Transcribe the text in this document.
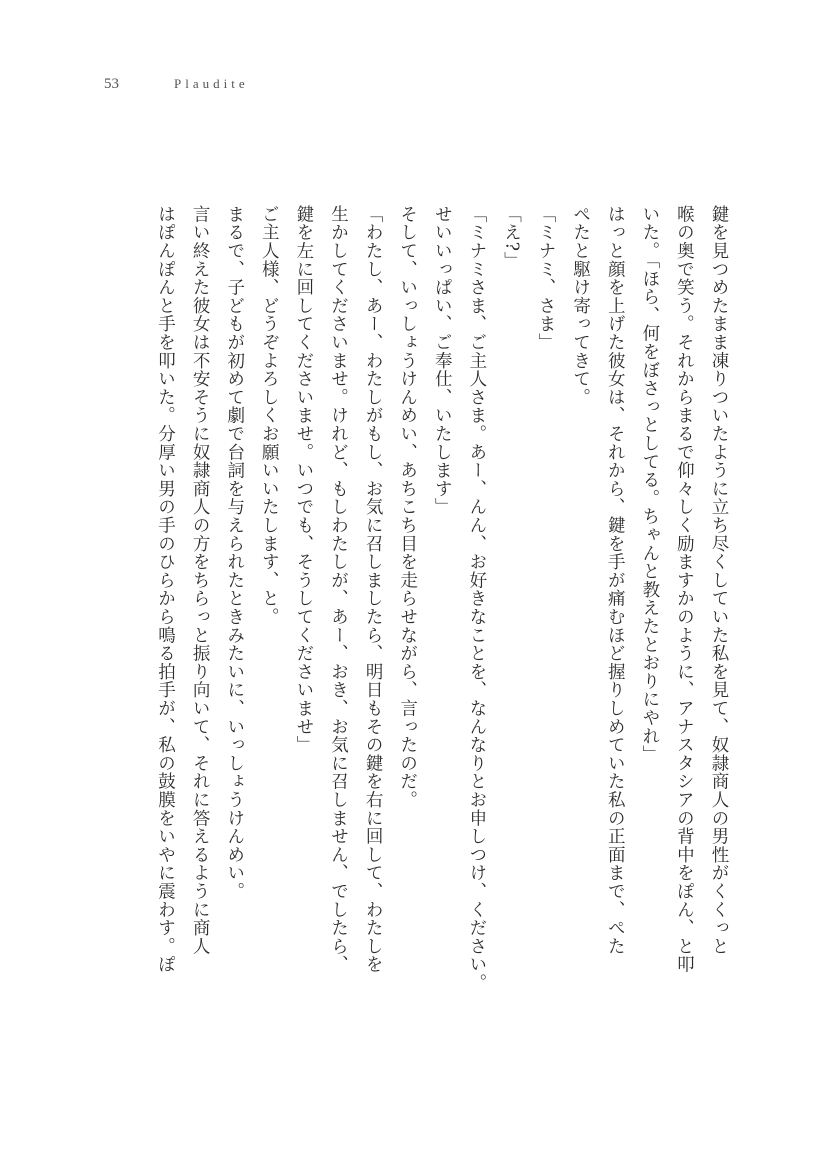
53	Plaudite

鍵を見つめたまま凍りついたように立ち尽くしていた私を見て、奴隷商人の男性がくくっと

喉の奥で笑う。それからまるで仰々しく励ますかのように、アナスタシアの背中をぽん、と叩

いた。「ほら、何をぼさっとしてる。ちゃんと教えたとおりにやれ」

はっと顔を上げた彼女は、それから、鍵を手が痛むほど握りしめていた私の正面まで、ぺた

ぺたと駆け寄ってきて。

「ミナミ、さま」

「え?」

「ミナミさま、ご主人さま。あー、んん、お好きなことを、なんなりとお申しつけ、ください。

せいいっぱい、ご奉仕、いたします」

そして、いっしょうけんめい、あちこち目を走らせながら、言ったのだ。

「わたし、あー、わたしがもし、お気に召しましたら、明日もその鍵を右に回して、わたしを

生かしてくださいませ。けれど、もしわたしが、あー、おき、お気に召しません、でしたら、

鍵を左に回してくださいませ。いつでも、そうしてくださいませ」

ご主人様、どうぞよろしくお願いいたします、と。

まるで、子どもが初めて劇で台詞を与えられたときみたいに、いっしょうけんめい。

言い終えた彼女は不安そうに奴隷商人の方をちらっと振り向いて、それに答えるように商人

はぽんぽんと手を叩いた。分厚い男の手のひらから鳴る拍手が、私の鼓膜をいやに震わす。ぽ
